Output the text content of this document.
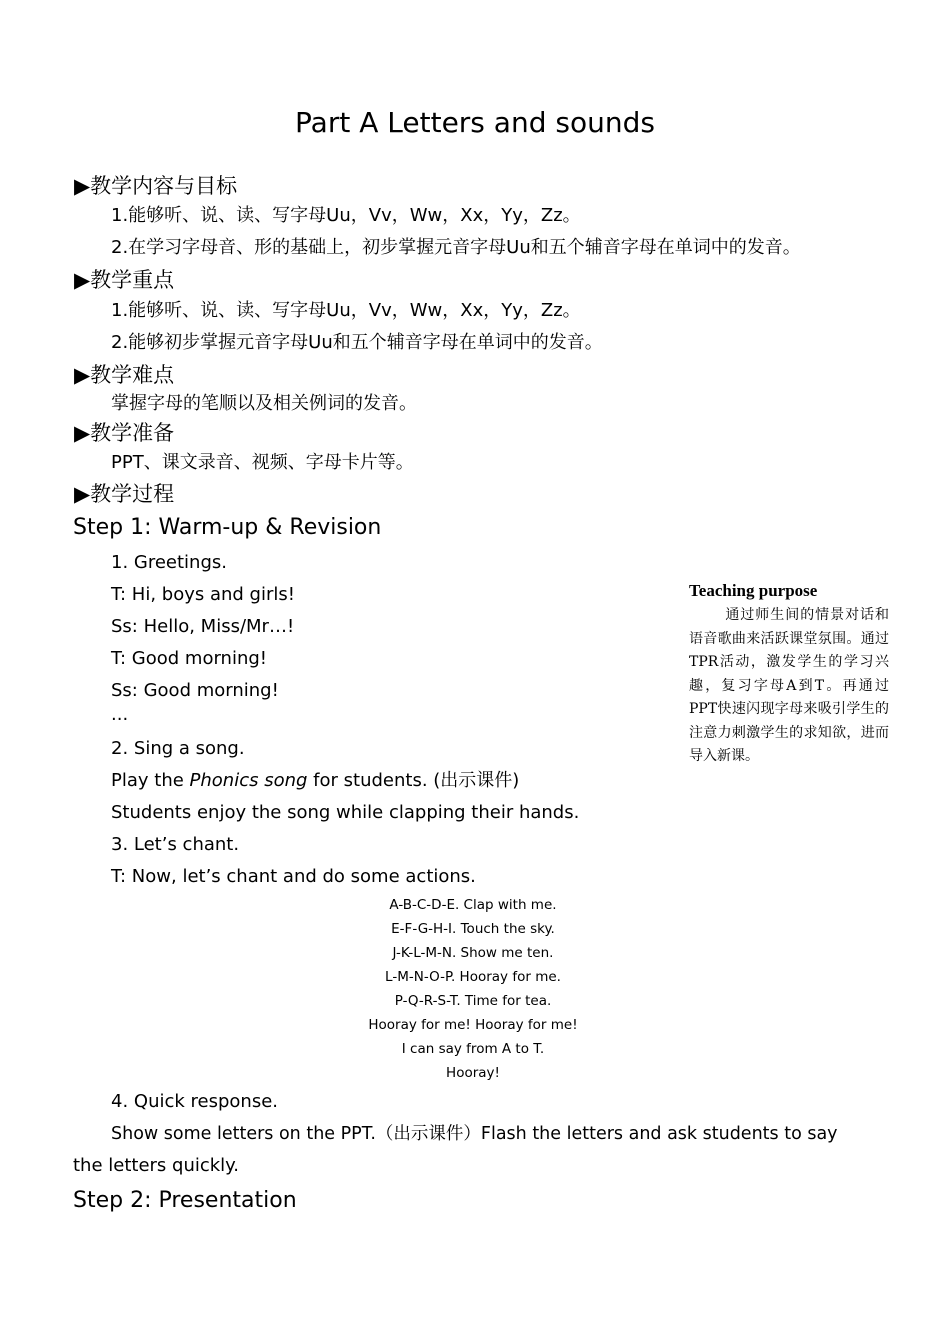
Part A Letters and sounds
▶教学内容与目标
1.能够听、说、读、写字母Uu，Vv，Ww，Xx，Yy，Zz。
2.在学习字母音、形的基础上，初步掌握元音字母Uu和五个辅音字母在单词中的发音。
▶教学重点
1.能够听、说、读、写字母Uu，Vv，Ww，Xx，Yy，Zz。
2.能够初步掌握元音字母Uu和五个辅音字母在单词中的发音。
▶教学难点
掌握字母的笔顺以及相关例词的发音。
▶教学准备
PPT、课文录音、视频、字母卡片等。
▶教学过程
Step 1: Warm-up & Revision
1. Greetings.
T: Hi, boys and girls!
Ss: Hello, Miss/Mr…!
T: Good morning!
Ss: Good morning!
...
2. Sing a song.
Play the Phonics song for students. (出示课件)
Students enjoy the song while clapping their hands.
3. Let’s chant.
T: Now, let’s chant and do some actions.
A-B-C-D-E. Clap with me.
E-F-G-H-I. Touch the sky.
J-K-L-M-N. Show me ten.
L-M-N-O-P. Hooray for me.
P-Q-R-S-T. Time for tea.
Hooray for me! Hooray for me!
I can say from A to T.
Hooray!
4. Quick response.
Show some letters on the PPT.（出示课件）Flash the letters and ask students to say
the letters quickly.
Step 2: Presentation
Teaching purpose
通过师生间的情景对话和语音歌曲来活跃课堂氛围。通过TPR活动，激发学生的学习兴趣，复习字母A到T。再通过PPT快速闪现字母来吸引学生的注意力刺激学生的求知欲，进而导入新课。
